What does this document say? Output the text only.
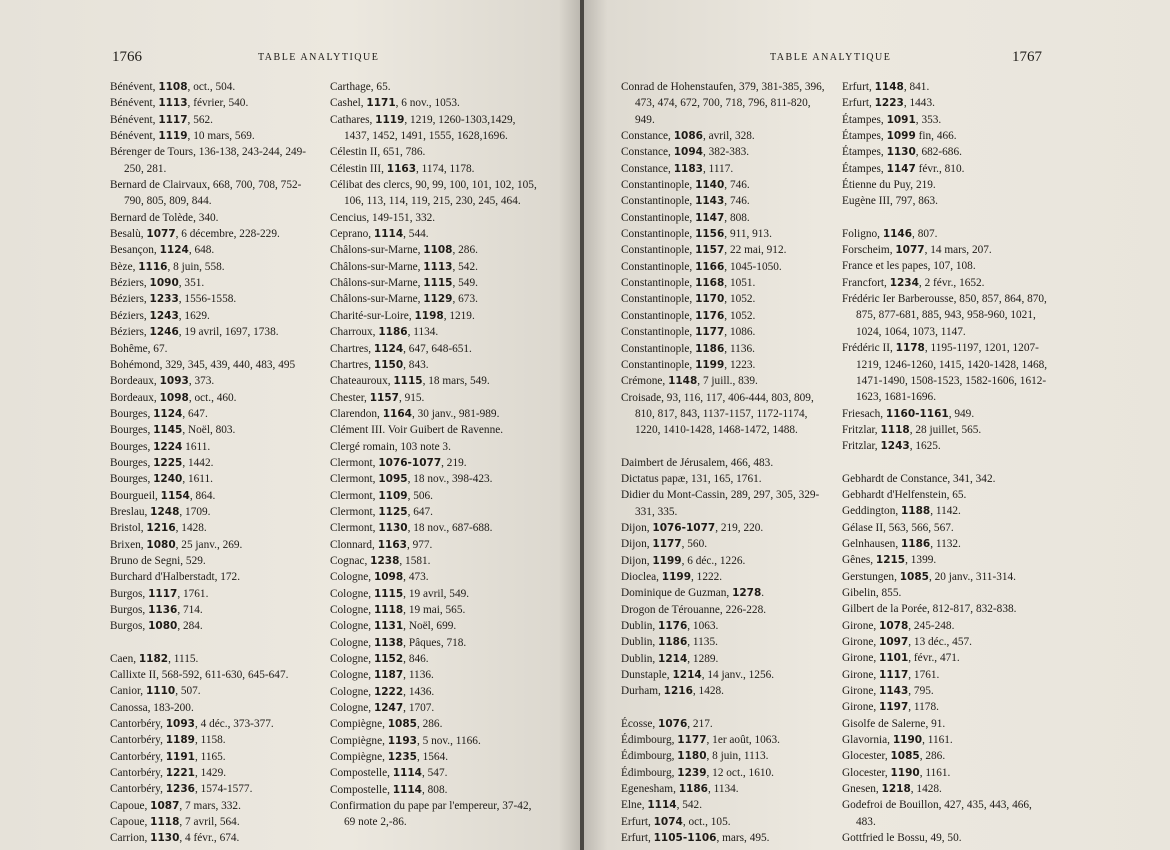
1766	TABLE ANALYTIQUE
Bénévent, 1108, oct., 504.
Bénévent, 1113, février, 540.
Bénévent, 1117, 562.
Bénévent, 1119, 10 mars, 569.
Bérenger de Tours, 136-138, 243-244, 249-250, 281.
Bernard de Clairvaux, 668, 700, 708, 752-790, 805, 809, 844.
Bernard de Tolède, 340.
Besalù, 1077, 6 décembre, 228-229.
Besançon, 1124, 648.
Bèze, 1116, 8 juin, 558.
Béziers, 1090, 351.
Béziers, 1233, 1556-1558.
Béziers, 1243, 1629.
Béziers, 1246, 19 avril, 1697, 1738.
Bohême, 67.
Bohémond, 329, 345, 439, 440, 483, 495
Bordeaux, 1093, 373.
Bordeaux, 1098, oct., 460.
Bourges, 1124, 647.
Bourges, 1145, Noël, 803.
Bourges, 1224 1611.
Bourges, 1225, 1442.
Bourges, 1240, 1611.
Bourgueil, 1154, 864.
Breslau, 1248, 1709.
Bristol, 1216, 1428.
Brixen, 1080, 25 janv., 269.
Bruno de Segni, 529.
Burchard d'Halberstadt, 172.
Burgos, 1117, 1761.
Burgos, 1136, 714.
Burgos, 1080, 284.
Caen, 1182, 1115.
Callixte II, 568-592, 611-630, 645-647.
Canior, 1110, 507.
Canossa, 183-200.
Cantorbéry, 1093, 4 déc., 373-377.
Cantorbéry, 1189, 1158.
Cantorbéry, 1191, 1165.
Cantorbéry, 1221, 1429.
Cantorbéry, 1236, 1574-1577.
Capoue, 1087, 7 mars, 332.
Capoue, 1118, 7 avril, 564.
Carrion, 1130, 4 févr., 674.
Carthage, 65.
Cashel, 1171, 6 nov., 1053.
Cathares, 1119, 1219, 1260-1303,1429, 1437, 1452, 1491, 1555, 1628,1696.
Célestin II, 651, 786.
Célestin III, 1163, 1174, 1178.
Célibat des clercs, 90, 99, 100, 101, 102, 105, 106, 113, 114, 119, 215, 230, 245, 464.
Cencius, 149-151, 332.
Ceprano, 1114, 544.
Châlons-sur-Marne, 1108, 286.
Châlons-sur-Marne, 1113, 542.
Châlons-sur-Marne, 1115, 549.
Châlons-sur-Marne, 1129, 673.
Charité-sur-Loire, 1198, 1219.
Charroux, 1186, 1134.
Chartres, 1124, 647, 648-651.
Chartres, 1150, 843.
Chateauroux, 1115, 18 mars, 549.
Chester, 1157, 915.
Clarendon, 1164, 30 janv., 981-989.
Clément III. Voir Guibert de Ravenne.
Clergé romain, 103 note 3.
Clermont, 1076-1077, 219.
Clermont, 1095, 18 nov., 398-423.
Clermont, 1109, 506.
Clermont, 1125, 647.
Clermont, 1130, 18 nov., 687-688.
Clonnard, 1163, 977.
Cognac, 1238, 1581.
Cologne, 1098, 473.
Cologne, 1115, 19 avril, 549.
Cologne, 1118, 19 mai, 565.
Cologne, 1131, Noël, 699.
Cologne, 1138, Pâques, 718.
Cologne, 1152, 846.
Cologne, 1187, 1136.
Cologne, 1222, 1436.
Cologne, 1247, 1707.
Compiègne, 1085, 286.
Compiègne, 1193, 5 nov., 1166.
Compiègne, 1235, 1564.
Compostelle, 1114, 547.
Compostelle, 1114, 808.
Confirmation du pape par l'empereur, 37-42, 69 note 2,-86.
TABLE ANALYTIQUE	1767
Conrad de Hohenstaufen, 379, 381-385, 396, 473, 474, 672, 700, 718, 796, 811-820, 949.
Constance, 1086, avril, 328.
Constance, 1094, 382-383.
Constance, 1183, 1117.
Constantinople, 1140, 746.
Constantinople, 1143, 746.
Constantinople, 1147, 808.
Constantinople, 1156, 911, 913.
Constantinople, 1157, 22 mai, 912.
Constantinople, 1166, 1045-1050.
Constantinople, 1168, 1051.
Constantinople, 1170, 1052.
Constantinople, 1176, 1052.
Constantinople, 1177, 1086.
Constantinople, 1186, 1136.
Constantinople, 1199, 1223.
Crémone, 1148, 7 juill., 839.
Croisade, 93, 116, 117, 406-444, 803, 809, 810, 817, 843, 1137-1157, 1172-1174, 1220, 1410-1428, 1468-1472, 1488.
Daimbert de Jérusalem, 466, 483.
Dictatus papæ, 131, 165, 1761.
Didier du Mont-Cassin, 289, 297, 305, 329-331, 335.
Dijon, 1076-1077, 219, 220.
Dijon, 1177, 560.
Dijon, 1199, 6 déc., 1226.
Dioclea, 1199, 1222.
Dominique de Guzman, 1278.
Drogon de Térouanne, 226-228.
Dublin, 1176, 1063.
Dublin, 1186, 1135.
Dublin, 1214, 1289.
Dunstaple, 1214, 14 janv., 1256.
Durham, 1216, 1428.
Écosse, 1076, 217.
Édimbourg, 1177, 1er août, 1063.
Édimbourg, 1180, 8 juin, 1113.
Édimbourg, 1239, 12 oct., 1610.
Egenesham, 1186, 1134.
Elne, 1114, 542.
Erfurt, 1074, oct., 105.
Erfurt, 1105-1106, mars, 495.
Erfurt, 1148, 841.
Erfurt, 1223, 1443.
Étampes, 1091, 353.
Étampes, 1099 fin, 466.
Étampes, 1130, 682-686.
Étampes, 1147 févr., 810.
Étienne du Puy, 219.
Eugène III, 797, 863.
Foligno, 1146, 807.
Forscheim, 1077, 14 mars, 207.
France et les papes, 107, 108.
Francfort, 1234, 2 févr., 1652.
Frédéric Ier Barberousse, 850, 857, 864, 870, 875, 877-681, 885, 943, 958-960, 1021, 1024, 1064, 1073, 1147.
Frédéric II, 1178, 1195-1197, 1201, 1207-1219, 1246-1260, 1415, 1420-1428, 1468, 1471-1490, 1508-1523, 1582-1606, 1612-1623, 1681-1696.
Friesach, 1160-1161, 949.
Fritzlar, 1118, 28 juillet, 565.
Fritzlar, 1243, 1625.
Gebhardt de Constance, 341, 342.
Gebhardt d'Helfenstein, 65.
Geddington, 1188, 1142.
Gélase II, 563, 566, 567.
Gelnhausen, 1186, 1132.
Gênes, 1215, 1399.
Gerstungen, 1085, 20 janv., 311-314.
Gibelin, 855.
Gilbert de la Porée, 812-817, 832-838.
Girone, 1078, 245-248.
Girone, 1097, 13 déc., 457.
Girone, 1101, févr., 471.
Girone, 1117, 1761.
Girone, 1143, 795.
Girone, 1197, 1178.
Gisolfe de Salerne, 91.
Glavornia, 1190, 1161.
Glocester, 1085, 286.
Glocester, 1190, 1161.
Gnesen, 1218, 1428.
Godefroi de Bouillon, 427, 435, 443, 466, 483.
Gottfried le Bossu, 49, 50.
